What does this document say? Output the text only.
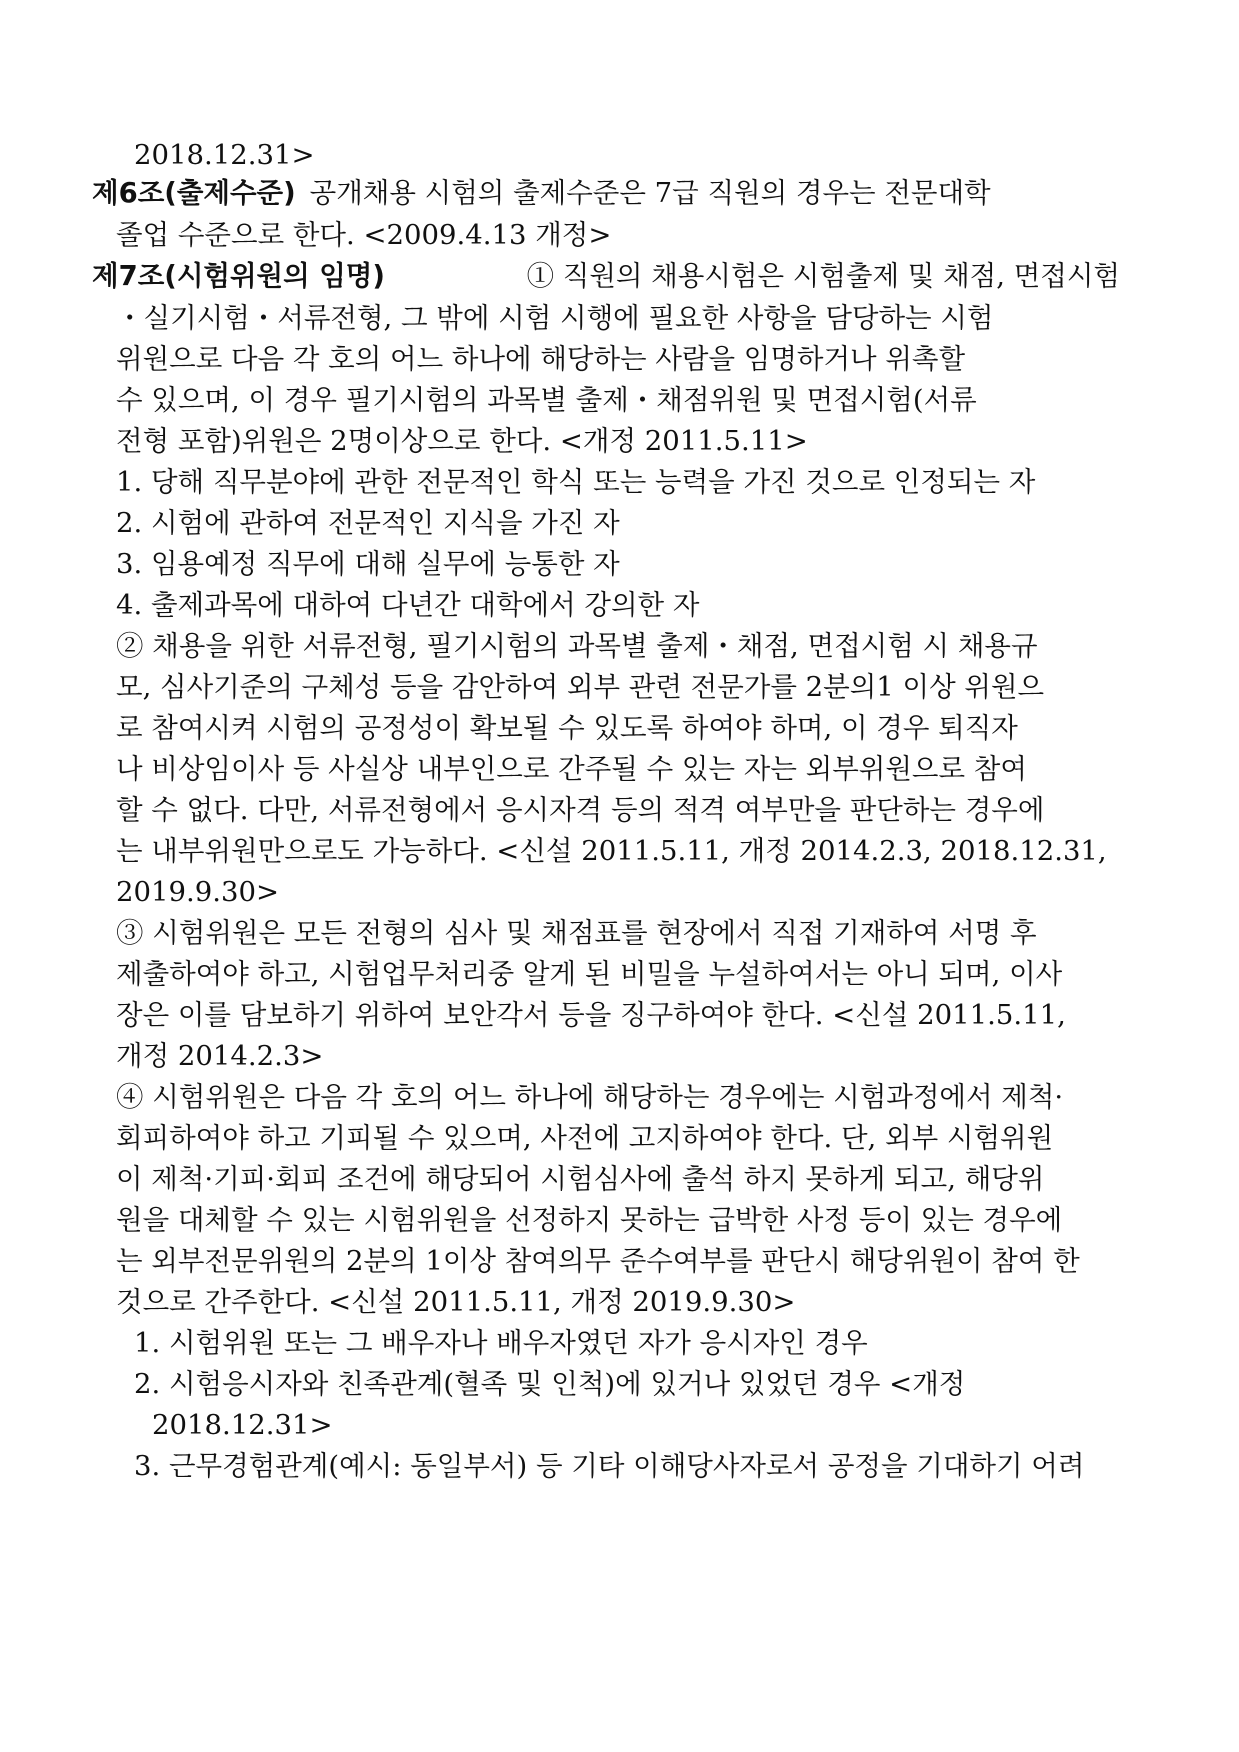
2018.12.31>
제6조(출제수준) 공개채용 시험의 출제수준은 7급 직원의 경우는 전문대학
졸업 수준으로 한다. <2009.4.13 개정>
제7조(시험위원의 임명)	① 직원의 채용시험은 시험출제 및 채점, 면접시험
・실기시험・서류전형, 그 밖에 시험 시행에 필요한 사항을 담당하는 시험
위원으로 다음 각 호의 어느 하나에 해당하는 사람을 임명하거나 위촉할
수 있으며, 이 경우 필기시험의 과목별 출제・채점위원 및 면접시험(서류
전형 포함)위원은 2명이상으로 한다. <개정 2011.5.11>
1. 당해 직무분야에 관한 전문적인 학식 또는 능력을 가진 것으로 인정되는 자
2. 시험에 관하여 전문적인 지식을 가진 자
3. 임용예정 직무에 대해 실무에 능통한 자
4. 출제과목에 대하여 다년간 대학에서 강의한 자
② 채용을 위한 서류전형, 필기시험의 과목별 출제・채점, 면접시험 시 채용규
모, 심사기준의 구체성 등을 감안하여 외부 관련 전문가를 2분의1 이상 위원으
로 참여시켜 시험의 공정성이 확보될 수 있도록 하여야 하며, 이 경우 퇴직자
나 비상임이사 등 사실상 내부인으로 간주될 수 있는 자는 외부위원으로 참여
할 수 없다. 다만, 서류전형에서 응시자격 등의 적격 여부만을 판단하는 경우에
는 내부위원만으로도 가능하다. <신설 2011.5.11, 개정 2014.2.3, 2018.12.31,
2019.9.30>
③ 시험위원은 모든 전형의 심사 및 채점표를 현장에서 직접 기재하여 서명 후
제출하여야 하고, 시험업무처리중 알게 된 비밀을 누설하여서는 아니 되며, 이사
장은 이를 담보하기 위하여 보안각서 등을 징구하여야 한다. <신설 2011.5.11,
개정 2014.2.3>
④ 시험위원은 다음 각 호의 어느 하나에 해당하는 경우에는 시험과정에서 제척·
회피하여야 하고 기피될 수 있으며, 사전에 고지하여야 한다. 단, 외부 시험위원
이 제척·기피·회피 조건에 해당되어 시험심사에 출석 하지 못하게 되고, 해당위
원을 대체할 수 있는 시험위원을 선정하지 못하는 급박한 사정 등이 있는 경우에
는 외부전문위원의 2분의 1이상 참여의무 준수여부를 판단시 해당위원이 참여 한
것으로 간주한다. <신설 2011.5.11, 개정 2019.9.30>
1. 시험위원 또는 그 배우자나 배우자였던 자가 응시자인 경우
2. 시험응시자와 친족관계(혈족 및 인척)에 있거나 있었던 경우 <개정
2018.12.31>
3. 근무경험관계(예시: 동일부서) 등 기타 이해당사자로서 공정을 기대하기 어려
